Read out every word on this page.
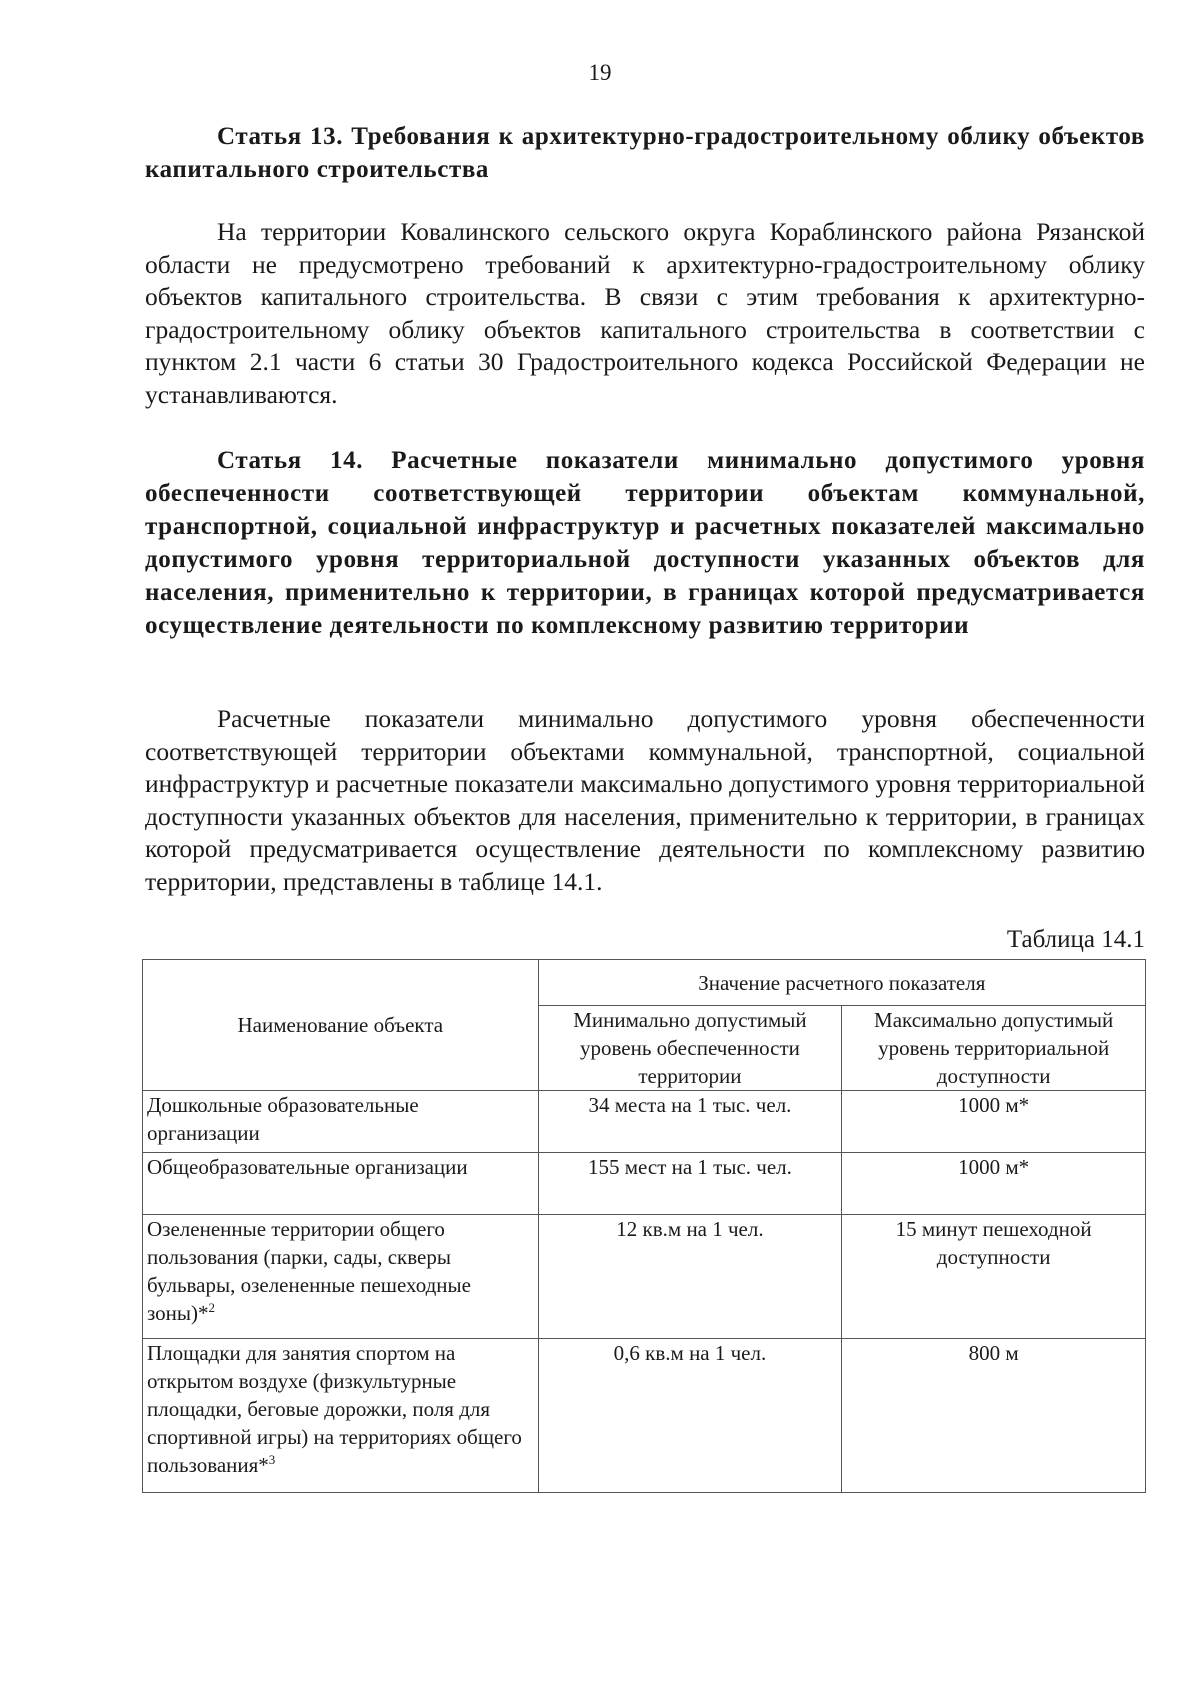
19

Статья 13. Требования к архитектурно-градостроительному облику объектов капитального строительства

На территории Ковалинского сельского округа Кораблинского района Рязанской области не предусмотрено требований к архитектурно-градостроительному облику объектов капитального строительства. В связи с этим требования к архитектурно-градостроительному облику объектов капитального строительства в соответствии с пунктом 2.1 части 6 статьи 30 Градостроительного кодекса Российской Федерации не устанавливаются.

Статья 14. Расчетные показатели минимально допустимого уровня обеспеченности соответствующей территории объектам коммунальной, транспортной, социальной инфраструктур и расчетных показателей максимально допустимого уровня территориальной доступности указанных объектов для населения, применительно к территории, в границах которой предусматривается осуществление деятельности по комплексному развитию территории

Расчетные показатели минимально допустимого уровня обеспеченности соответствующей территории объектами коммунальной, транспортной, социальной инфраструктур и расчетные показатели максимально допустимого уровня территориальной доступности указанных объектов для населения, применительно к территории, в границах которой предусматривается осуществление деятельности по комплексному развитию территории, представлены в таблице 14.1.

Таблица 14.1
Наименование объекта	Значение расчетного показателя	
	Минимально допустимый уровень обеспеченности территории	Максимально допустимый уровень территориальной доступности
Дошкольные образовательные организации	34 места на 1 тыс. чел.	1000 м*
Общеобразовательные организации	155 мест на 1 тыс. чел.	1000 м*
Озелененные территории общего пользования (парки, сады, скверы бульвары, озелененные пешеходные зоны)*$^2$	12 кв.м на 1 чел.	15 минут пешеходной доступности
Площадки для занятия спортом на открытом воздухе (физкультурные площадки, беговые дорожки, поля для спортивной игры) на территориях общего пользования*$^3$	0,6 кв.м на 1 чел.	800 м
